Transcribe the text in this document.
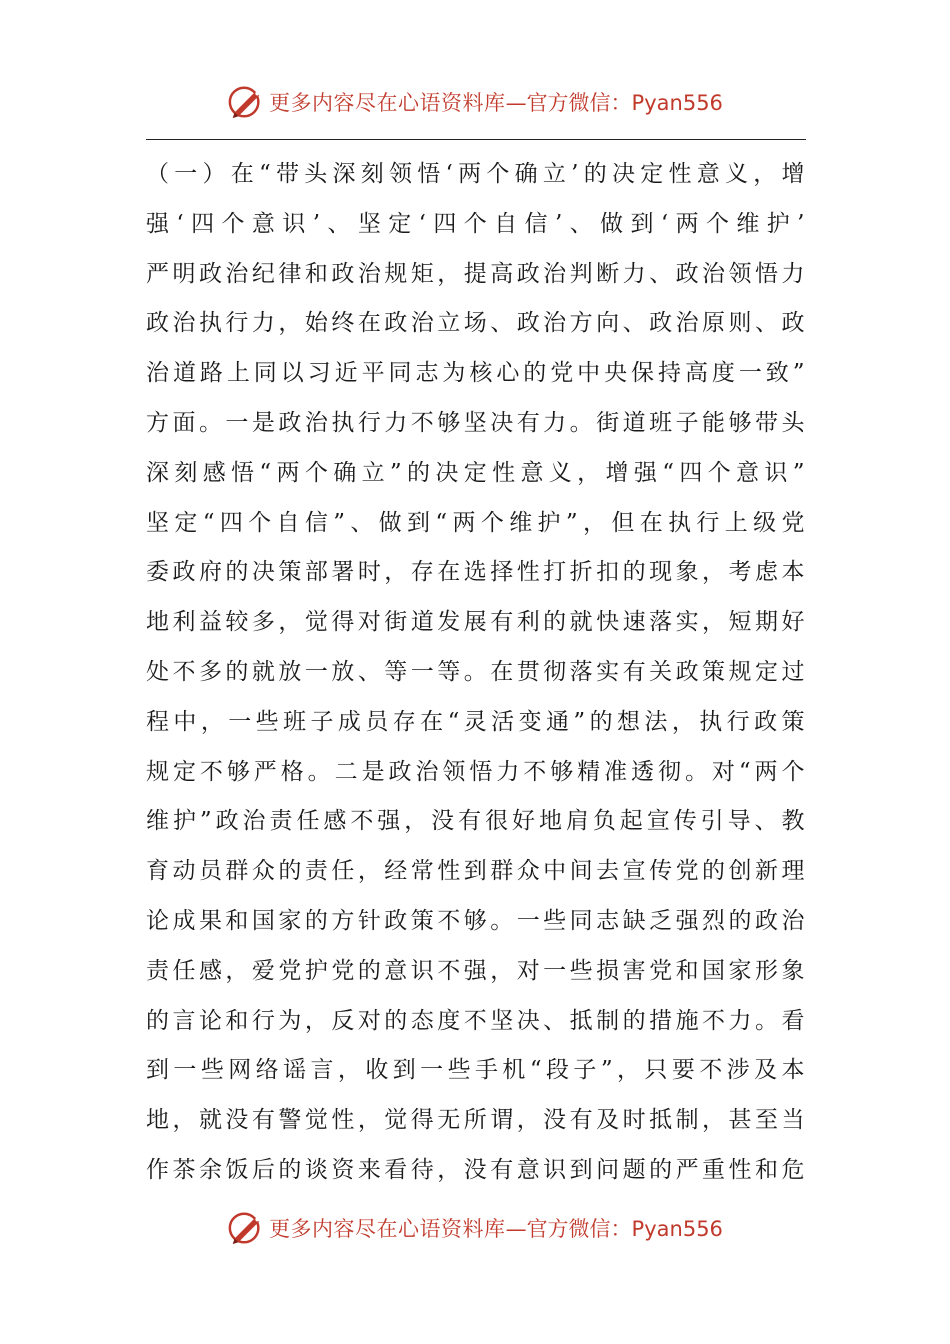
更多内容尽在心语资料库 —官方微信：Pyan556
（一）在“带头深刻领悟‘两个确立’的决定性意义，增
强‘四个意识’、坚定‘四个自信’、做到‘两个维护’
严明政治纪律和政治规矩，提高政治判断力、政治领悟力
政治执行力，始终在政治立场、政治方向、政治原则、政
治道路上同以习近平同志为核心的党中央保持高度一致”
方面。一是政治执行力不够坚决有力。街道班子能够带头
深刻感悟“两个确立”的决定性意义，增强“四个意识”
坚定“四个自信”、做到“两个维护”，但在执行上级党
委政府的决策部署时，存在选择性打折扣的现象，考虑本
地利益较多，觉得对街道发展有利的就快速落实，短期好
处不多的就放一放、等一等。在贯彻落实有关政策规定过
程中，一些班子成员存在“灵活变通”的想法，执行政策
规定不够严格。二是政治领悟力不够精准透彻。对“两个
维护”政治责任感不强，没有很好地肩负起宣传引导、教
育动员群众的责任，经常性到群众中间去宣传党的创新理
论成果和国家的方针政策不够。一些同志缺乏强烈的政治
责任感，爱党护党的意识不强，对一些损害党和国家形象
的言论和行为，反对的态度不坚决、抵制的措施不力。看
到一些网络谣言，收到一些手机“段子”，只要不涉及本
地，就没有警觉性，觉得无所谓，没有及时抵制，甚至当
作茶余饭后的谈资来看待，没有意识到问题的严重性和危
更多内容尽在心语资料库 —官方微信：Pyan556
